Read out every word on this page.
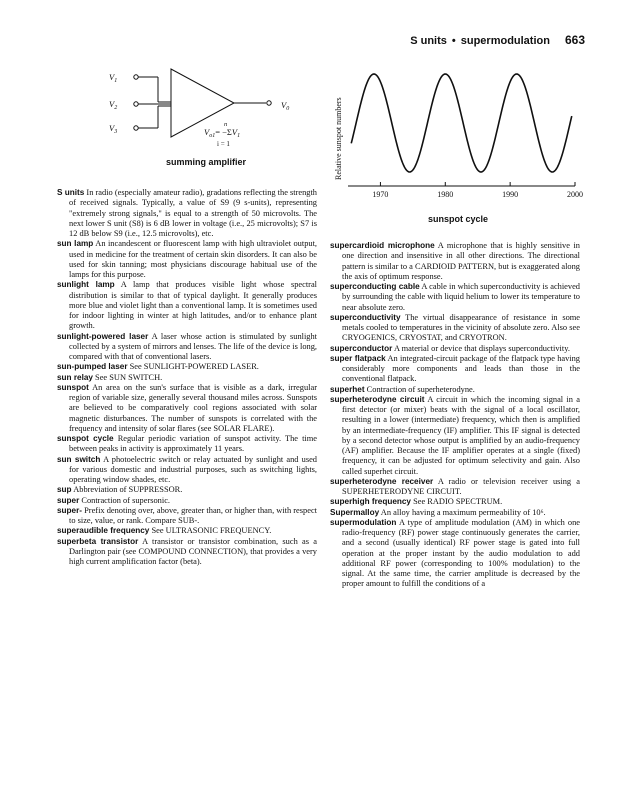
S units • supermodulation 663
$V_1$
$V_2$
$V_3$
$V_0$
n
$V_{o1}= -\Sigma V_1$
i = 1
summing amplifier	Relative sunspot numbers
1970	1980	1990	2000
sunspot cycle

S units In radio (especially amateur radio), gradations reflecting the strength of received signals. Typically, a value of S9 (9 s-units), representing "extremely strong signals," is equal to a strength of 50 microvolts. The next lower S unit (S8) is 6 dB lower in voltage (i.e., 25 microvolts); S7 is 12 dB below S9 (i.e., 12.5 microvolts), etc.

sun lamp An incandescent or fluorescent lamp with high ultraviolet output, used in medicine for the treatment of certain skin disorders. It can also be used for skin tanning; most physicians discourage habitual use of the lamps for this purpose.

sunlight lamp A lamp that produces visible light whose spectral distribution is similar to that of typical daylight. It generally produces more blue and violet light than a conventional lamp. It is sometimes used for indoor lighting in winter at high latitudes, and/or to enhance plant growth.

sunlight-powered laser A laser whose action is stimulated by sunlight collected by a system of mirrors and lenses. The life of the device is long, compared with that of conventional lasers.

sun-pumped laser See SUNLIGHT-POWERED LASER.

sun relay See SUN SWITCH.

sunspot An area on the sun's surface that is visible as a dark, irregular region of variable size, generally several thousand miles across. Sunspots are believed to be comparatively cool regions associated with solar magnetic disturbances. The number of sunspots is correlated with the frequency and intensity of solar flares (see SOLAR FLARE).

sunspot cycle Regular periodic variation of sunspot activity. The time between peaks in activity is approximately 11 years.

sun switch A photoelectric switch or relay actuated by sunlight and used for various domestic and industrial purposes, such as switching lights, operating window shades, etc.

sup Abbreviation of SUPPRESSOR.

super Contraction of supersonic.

super- Prefix denoting over, above, greater than, or higher than, with respect to size, value, or rank. Compare SUB-.

superaudible frequency See ULTRASONIC FREQUENCY.

superbeta transistor A transistor or transistor combination, such as a Darlington pair (see COMPOUND CONNECTION), that provides a very high current amplification factor (beta).

supercardioid microphone A microphone that is highly sensitive in one direction and insensitive in all other directions. The directional pattern is similar to a CARDIOID PATTERN, but is exaggerated along the axis of optimum response.

superconducting cable A cable in which superconductivity is achieved by surrounding the cable with liquid helium to lower its temperature to near absolute zero.

superconductivity The virtual disappearance of resistance in some metals cooled to temperatures in the vicinity of absolute zero. Also see CRYOGENICS, CRYOSTAT, and CRYOTRON.

superconductor A material or device that displays superconductivity.

super flatpack An integrated-circuit package of the flatpack type having considerably more components and leads than those in the conventional flatpack.

superhet Contraction of superheterodyne.

superheterodyne circuit A circuit in which the incoming signal in a first detector (or mixer) beats with the signal of a local oscillator, resulting in a lower (intermediate) frequency, which then is amplified by an intermediate-frequency (IF) amplifier. This IF signal is detected by a second detector whose output is amplified by an audio-frequency (AF) amplifier. Because the IF amplifier operates at a single (fixed) frequency, it can be adjusted for optimum selectivity and gain. Also called superhet circuit.

superheterodyne receiver A radio or television receiver using a SUPERHETERODYNE CIRCUIT.

superhigh frequency See RADIO SPECTRUM.

Supermalloy An alloy having a maximum permeability of 10⁶.

supermodulation A type of amplitude modulation (AM) in which one radio-frequency (RF) power stage continuously generates the carrier, and a second (usually identical) RF power stage is gated into full operation at the proper instant by the audio modulation to add additional RF power (corresponding to 100% modulation) to the signal. At the same time, the carrier amplitude is decreased by the proper amount to fulfill the conditions of a
